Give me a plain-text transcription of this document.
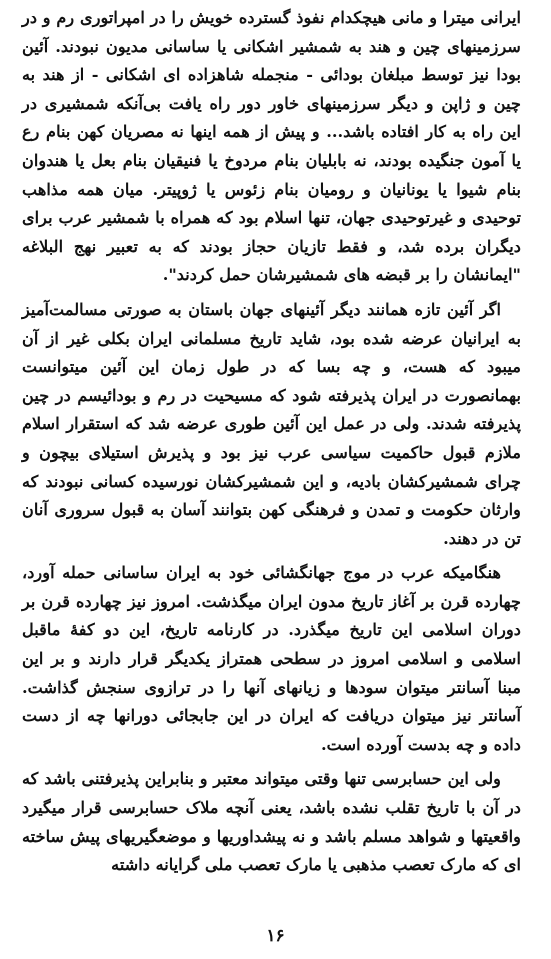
ایرانی میترا و مانی هیچکدام نفوذ گسترده خویش را در امپراتوری رم و در سرزمینهای چین و هند به شمشیر اشکانی یا ساسانی مدیون نبودند. آئین بودا نیز توسط مبلغان بودائی - منجمله شاهزاده ای اشکانی - از هند به چین و ژاپن و دیگر سرزمینهای خاور دور راه یافت بی‌آنکه شمشیری در این راه به کار افتاده باشد... و پیش از همه اینها نه مصریان کهن بنام رع یا آمون جنگیده بودند، نه بابلیان بنام مردوخ یا فنیقیان بنام بعل یا هندوان بنام شیوا یا یونانیان و رومیان بنام زئوس یا ژوپیتر. میان همه مذاهب توحیدی و غیرتوحیدی جهان، تنها اسلام بود که همراه با شمشیر عرب برای دیگران برده شد، و فقط تازیان حجاز بودند که به تعبیر نهج البلاغه "ایمانشان را بر قبضه های شمشیرشان حمل کردند".

اگر آئین تازه همانند دیگر آئینهای جهان باستان به صورتی مسالمت‌آمیز به ایرانیان عرضه شده بود، شاید تاریخ مسلمانی ایران بکلی غیر از آن میبود که هست، و چه بسا که در طول زمان این آئین میتوانست بهمانصورت در ایران پذیرفته شود که مسیحیت در رم و بودائیسم در چین پذیرفته شدند. ولی در عمل این آئین طوری عرضه شد که استقرار اسلام ملازم قبول حاکمیت سیاسی عرب نیز بود و پذیرش استیلای بیچون و چرای شمشیرکشان بادیه، و این شمشیرکشان نورسیده کسانی نبودند که وارثان حکومت و تمدن و فرهنگی کهن بتوانند آسان به قبول سروری آنان تن در دهند.

هنگامیکه عرب در موج جهانگشائی خود به ایران ساسانی حمله آورد، چهارده قرن بر آغاز تاریخ مدون ایران میگذشت. امروز نیز چهارده قرن بر دوران اسلامی این تاریخ میگذرد. در کارنامه تاریخ، این دو کفهٔ ماقبل اسلامی و اسلامی امروز در سطحی همتراز یکدیگر قرار دارند و بر این مبنا آسانتر میتوان سودها و زیانهای آنها را در ترازوی سنجش گذاشت. آسانتر نیز میتوان دریافت که ایران در این جابجائی دورانها چه از دست داده و چه بدست آورده است.

ولی این حسابرسی تنها وقتی میتواند معتبر و بنابراین پذیرفتنی باشد که در آن با تاریخ تقلب نشده باشد، یعنی آنچه ملاک حسابرسی قرار میگیرد واقعیتها و شواهد مسلم باشد و نه پیشداوریها و موضعگیریهای پیش ساخته ای که مارک تعصب مذهبی یا مارک تعصب ملی گرایانه داشته

۱۶
